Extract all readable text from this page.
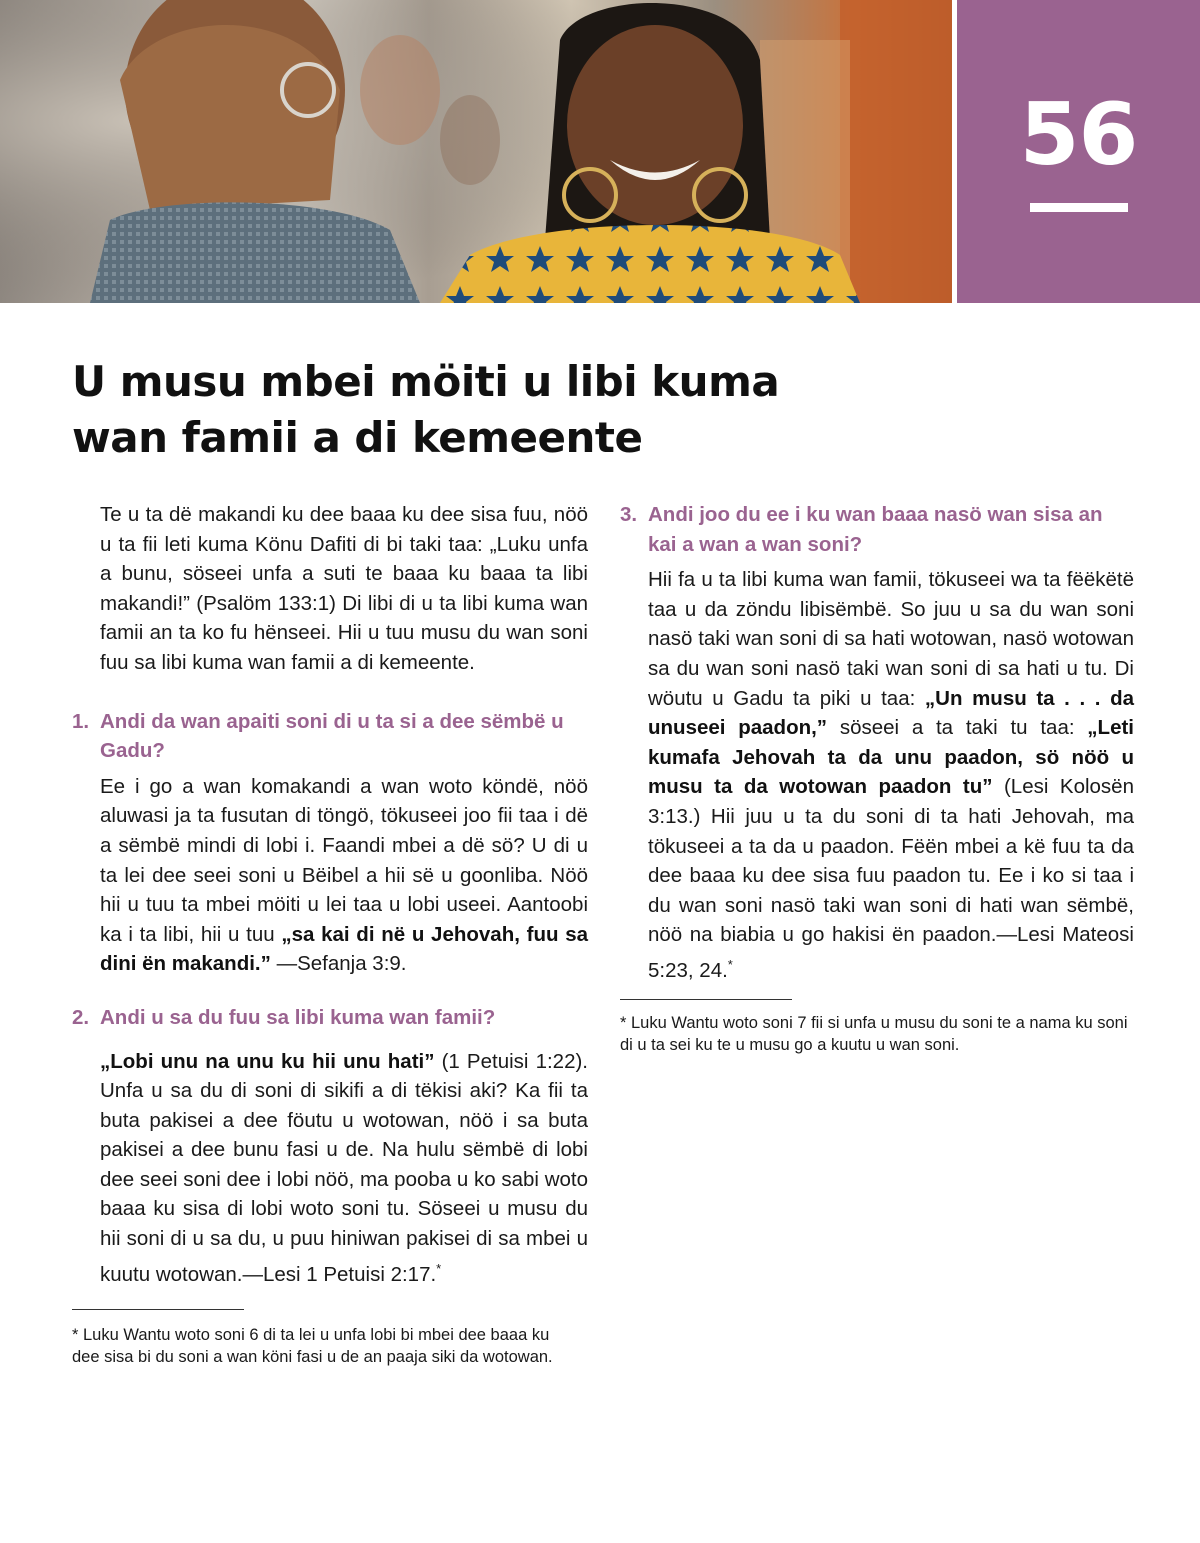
56
U musu mbei möiti u libi kuma
wan famii a di kemeente

Te u ta dë makandi ku dee baaa ku dee sisa fuu, nöö u ta fii leti kuma Könu Dafiti di bi taki taa: „Luku unfa a bunu, söseei unfa a suti te baaa ku baaa ta libi makandi!” (Psalöm 133:1) Di libi di u ta libi kuma wan famii an ta ko fu hënseei. Hii u tuu musu du wan soni fuu sa libi kuma wan famii a di kemeente.

1. Andi da wan apaiti soni di u ta si a dee sëmbë u Gadu?

Ee i go a wan komakandi a wan woto köndë, nöö aluwasi ja ta fusutan di töngö, tökuseei joo fii taa i dë a sëmbë mindi di lobi i. Faandi mbei a dë sö? U di u ta lei dee seei soni u Bëibel a hii së u goonliba. Nöö hii u tuu ta mbei möiti u lei taa u lobi useei. Aantoobi ka i ta libi, hii u tuu „sa kai di në u Jehovah, fuu sa dini ën makandi.” —Sefanja 3:9.

2. Andi u sa du fuu sa libi kuma wan famii?

„Lobi unu na unu ku hii unu hati” (1 Petuisi 1:22). Unfa u sa du di soni di sikifi a di tëkisi aki? Ka fii ta buta pakisei a dee föutu u wotowan, nöö i sa buta pakisei a dee bunu fasi u de. Na hulu sëmbë di lobi dee seei soni dee i lobi nöö, ma pooba u ko sabi woto baaa ku sisa di lobi woto soni tu. Söseei u musu du hii soni di u sa du, u puu hiniwan pakisei di sa mbei u kuutu wotowan.—Lesi 1 Petuisi 2:17.*

* Luku Wantu woto soni 6 di ta lei u unfa lobi bi mbei dee baaa ku dee sisa bi du soni a wan köni fasi u de an paaja siki da wotowan.

3. Andi joo du ee i ku wan baaa nasö wan sisa an kai a wan a wan soni?

Hii fa u ta libi kuma wan famii, tökuseei wa ta fëëkëtë taa u da zöndu libisëmbë. So juu u sa du wan soni nasö taki wan soni di sa hati wotowan, nasö wotowan sa du wan soni nasö taki wan soni di sa hati u tu. Di wöutu u Gadu ta piki u taa: „Un musu ta . . . da unuseei paadon,” söseei a ta taki tu taa: „Leti kumafa Jehovah ta da unu paadon, sö nöö u musu ta da wotowan paadon tu” (Lesi Kolosën 3:13.) Hii juu u ta du soni di ta hati Jehovah, ma tökuseei a ta da u paadon. Fëën mbei a kë fuu ta da dee baaa ku dee sisa fuu paadon tu. Ee i ko si taa i du wan soni nasö taki wan soni di hati wan sëmbë, nöö na biabia u go hakisi ën paadon.—Lesi Mateosi 5:23, 24.*

* Luku Wantu woto soni 7 fii si unfa u musu du soni te a nama ku soni di u ta sei ku te u musu go a kuutu u wan soni.
